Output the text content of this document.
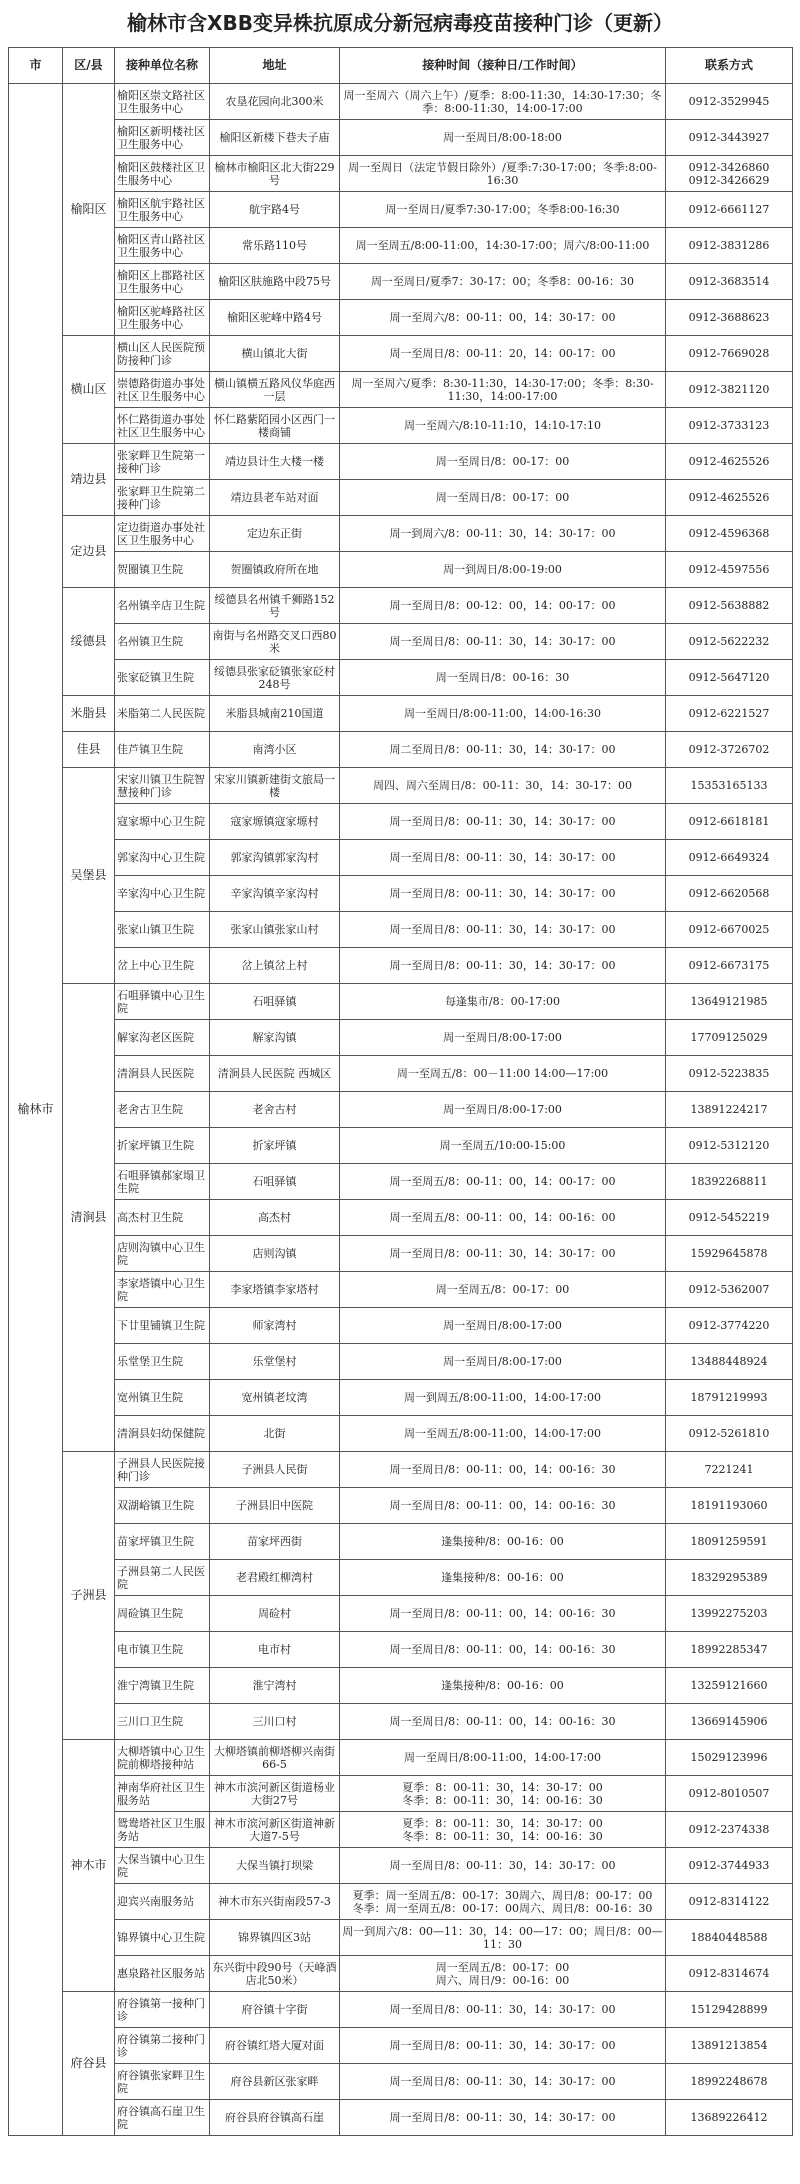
榆林市含XBB变异株抗原成分新冠病毒疫苗接种门诊（更新）
市	区/县	接种单位名称	地址	接种时间（接种日/工作时间）	联系方式
榆林市	榆阳区	榆阳区崇文路社区卫生服务中心	农垦花园向北300米	周一至周六（周六上午）/夏季：8:00-11:30，14:30-17:30；冬季：8:00-11:30，14:00-17:00	0912-3529945
		榆阳区新明楼社区卫生服务中心	榆阳区新楼下巷夫子庙	周一至周日/8:00-18:00	0912-3443927
		榆阳区鼓楼社区卫生服务中心	榆林市榆阳区北大街229号	周一至周日（法定节假日除外）/夏季:7:30-17:00；冬季:8:00-16:30	0912-3426860
0912-3426629
		榆阳区航宇路社区卫生服务中心	航宇路4号	周一至周日/夏季7:30-17:00；冬季8:00-16:30	0912-6661127
		榆阳区青山路社区卫生服务中心	常乐路110号	周一至周五/8:00-11:00，14:30-17:00；周六/8:00-11:00	0912-3831286
		榆阳区上郡路社区卫生服务中心	榆阳区肤施路中段75号	周一至周日/夏季7：30-17：00；冬季8：00-16：30	0912-3683514
		榆阳区驼峰路社区卫生服务中心	榆阳区驼峰中路4号	周一至周六/8：00-11：00，14：30-17：00	0912-3688623
	横山区	横山区人民医院预防接种门诊	横山镇北大街	周一至周日/8：00-11：20，14：00-17：00	0912-7669028
		崇德路街道办事处社区卫生服务中心	横山镇横五路风仪华庭西一层	周一至周六/夏季：8:30-11:30，14:30-17:00；冬季：8:30-11:30，14:00-17:00	0912-3821120
		怀仁路街道办事处社区卫生服务中心	怀仁路紫陌园小区西门一楼商铺	周一至周六/8:10-11:10，14:10-17:10	0912-3733123
	靖边县	张家畔卫生院第一接种门诊	靖边县计生大楼一楼	周一至周日/8：00-17：00	0912-4625526
		张家畔卫生院第二接种门诊	靖边县老车站对面	周一至周日/8：00-17：00	0912-4625526
	定边县	定边街道办事处社区卫生服务中心	定边东正街	周一到周六/8：00-11：30，14：30-17：00	0912-4596368
		贺圈镇卫生院	贺圈镇政府所在地	周一到周日/8:00-19:00	0912-4597556
	绥德县	名州镇辛店卫生院	绥德县名州镇千狮路152号	周一至周日/8：00-12：00，14：00-17：00	0912-5638882
		名州镇卫生院	南街与名州路交叉口西80米	周一至周日/8：00-11：30，14：30-17：00	0912-5622232
		张家砭镇卫生院	绥德县张家砭镇张家砭村248号	周一至周日/8：00-16：30	0912-5647120
	米脂县	米脂第二人民医院	米脂县城南210国道	周一至周日/8:00-11:00，14:00-16:30	0912-6221527
	佳县	佳芦镇卫生院	南湾小区	周二至周日/8：00-11：30，14：30-17：00	0912-3726702
	吴堡县	宋家川镇卫生院智慧接种门诊	宋家川镇新建街文旅局一楼	周四、周六至周日/8：00-11：30，14：30-17：00	15353165133
		寇家塬中心卫生院	寇家塬镇寇家塬村	周一至周日/8：00-11：30，14：30-17：00	0912-6618181
		郭家沟中心卫生院	郭家沟镇郭家沟村	周一至周日/8：00-11：30，14：30-17：00	0912-6649324
		辛家沟中心卫生院	辛家沟镇辛家沟村	周一至周日/8：00-11：30，14：30-17：00	0912-6620568
		张家山镇卫生院	张家山镇张家山村	周一至周日/8：00-11：30，14：30-17：00	0912-6670025
		岔上中心卫生院	岔上镇岔上村	周一至周日/8：00-11：30，14：30-17：00	0912-6673175
	清涧县	石咀驿镇中心卫生院	石咀驿镇	每逢集市/8：00-17:00	13649121985
		解家沟老区医院	解家沟镇	周一至周日/8:00-17:00	17709125029
		清涧县人民医院	清涧县人民医院 西城区	周一至周五/8：00－11:00 14:00—17:00	0912-5223835
		老舍古卫生院	老舍古村	周一至周日/8:00-17:00	13891224217
		折家坪镇卫生院	折家坪镇	周一至周五/10:00-15:00	0912-5312120
		石咀驿镇郝家塌卫生院	石咀驿镇	周一至周五/8：00-11：00，14：00-17：00	18392268811
		高杰村卫生院	高杰村	周一至周五/8：00-11：00，14：00-16：00	0912-5452219
		店则沟镇中心卫生院	店则沟镇	周一至周日/8：00-11：30，14：30-17：00	15929645878
		李家塔镇中心卫生院	李家塔镇李家塔村	周一至周五/8：00-17：00	0912-5362007
		下廿里铺镇卫生院	师家湾村	周一至周日/8:00-17:00	0912-3774220
		乐堂堡卫生院	乐堂堡村	周一至周日/8:00-17:00	13488448924
		宽州镇卫生院	宽州镇老坟湾	周一到周五/8:00-11:00，14:00-17:00	18791219993
		清涧县妇幼保健院	北街	周一至周五/8:00-11:00，14:00-17:00	0912-5261810
	子洲县	子洲县人民医院接种门诊	子洲县人民街	周一至周日/8：00-11：00，14：00-16：30	7221241
		双湖峪镇卫生院	子洲县旧中医院	周一至周日/8：00-11：00，14：00-16：30	18191193060
		苗家坪镇卫生院	苗家坪西街	逢集接种/8：00-16：00	18091259591
		子洲县第二人民医院	老君殿红柳湾村	逢集接种/8：00-16：00	18329295389
		周硷镇卫生院	周硷村	周一至周日/8：00-11：00，14：00-16：30	13992275203
		电市镇卫生院	电市村	周一至周日/8：00-11：00，14：00-16：30	18992285347
		淮宁湾镇卫生院	淮宁湾村	逢集接种/8：00-16：00	13259121660
		三川口卫生院	三川口村	周一至周日/8：00-11：00，14：00-16：30	13669145906
	神木市	大柳塔镇中心卫生院前柳塔接种站	大柳塔镇前柳塔柳兴南街66-5	周一至周日/8:00-11:00，14:00-17:00	15029123996
		神南华府社区卫生服务站	神木市滨河新区街道杨业大街27号	夏季：8：00-11：30，14：30-17：00
冬季：8：00-11：30，14：00-16：30	0912-8010507
		鸳鸯塔社区卫生服务站	神木市滨河新区街道神新大道7-5号	夏季：8：00-11：30，14：30-17：00
冬季：8：00-11：30，14：00-16：30	0912-2374338
		大保当镇中心卫生院	大保当镇打坝梁	周一至周日/8：00-11：30，14：30-17：00	0912-3744933
		迎宾兴南服务站	神木市东兴街南段57-3	夏季：周一至周五/8：00-17：30周六、周日/8：00-17：00
冬季：周一至周五/8：00-17：00周六、周日/8：00-16：30	0912-8314122
		锦界镇中心卫生院	锦界镇四区3站	周一到周六/8：00—11：30，14：00—17：00；周日/8：00—11：30	18840448588
		惠泉路社区服务站	东兴街中段90号（天峰酒店北50米）	周一至周五/8：00-17：00
周六、周日/9：00-16：00	0912-8314674
	府谷县	府谷镇第一接种门诊	府谷镇十字街	周一至周日/8：00-11：30，14：30-17：00	15129428899
		府谷镇第二接种门诊	府谷镇红塔大厦对面	周一至周日/8：00-11：30，14：30-17：00	13891213854
		府谷镇张家畔卫生院	府谷县新区张家畔	周一至周日/8：00-11：30，14：30-17：00	18992248678
		府谷镇高石崖卫生院	府谷县府谷镇高石崖	周一至周日/8：00-11：30，14：30-17：00	13689226412
